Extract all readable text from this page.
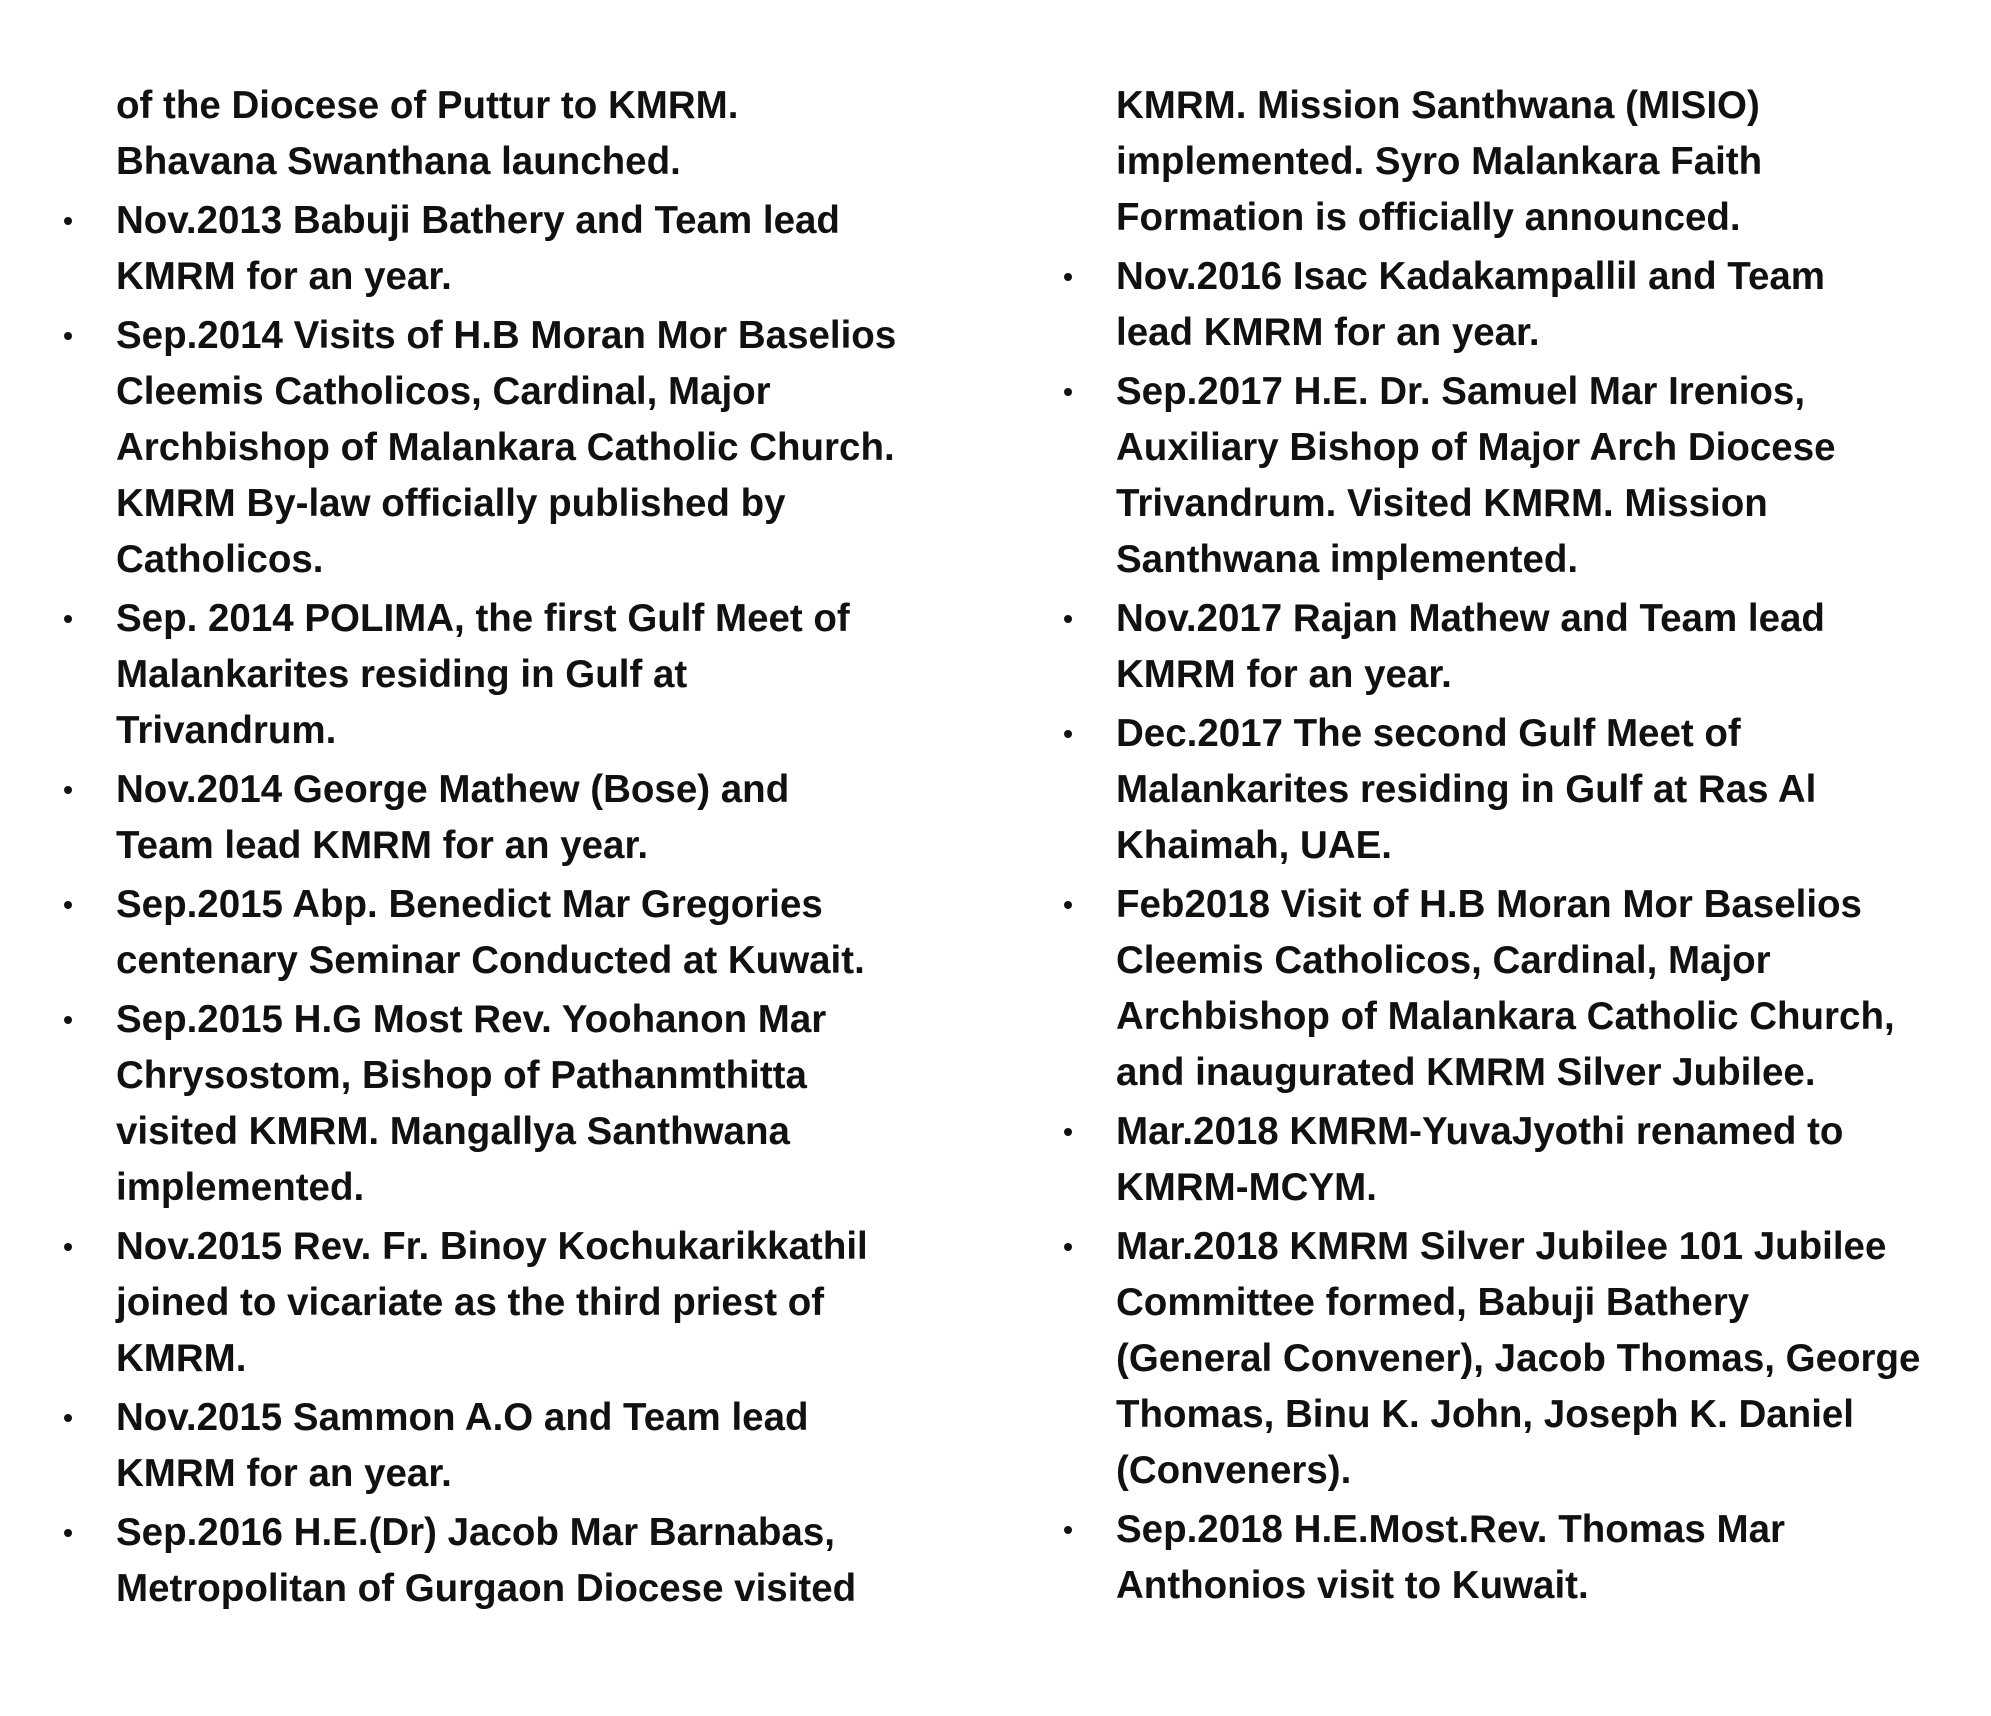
of the Diocese of Puttur to KMRM.
Bhavana Swanthana launched.
• Nov.2013 Babuji Bathery and Team lead
KMRM for an year.
• Sep.2014 Visits of H.B Moran Mor Baselios
Cleemis Catholicos, Cardinal, Major
Archbishop of Malankara Catholic Church.
KMRM By-law officially published by
Catholicos.
• Sep. 2014 POLIMA, the first Gulf Meet of
Malankarites residing in Gulf at
Trivandrum.
• Nov.2014 George Mathew (Bose) and
Team lead KMRM for an year.
• Sep.2015 Abp. Benedict Mar Gregories
centenary Seminar Conducted at Kuwait.
• Sep.2015 H.G Most Rev. Yoohanon Mar
Chrysostom, Bishop of Pathanmthitta
visited KMRM. Mangallya Santhwana
implemented.
• Nov.2015 Rev. Fr. Binoy Kochukarikkathil
joined to vicariate as the third priest of
KMRM.
• Nov.2015 Sammon A.O and Team lead
KMRM for an year.
• Sep.2016 H.E.(Dr) Jacob Mar Barnabas,
Metropolitan of Gurgaon Diocese visited
KMRM. Mission Santhwana (MISIO)
implemented. Syro Malankara Faith
Formation is officially announced.
• Nov.2016 Isac Kadakampallil and Team
lead KMRM for an year.
• Sep.2017 H.E. Dr. Samuel Mar Irenios,
Auxiliary Bishop of Major Arch Diocese
Trivandrum. Visited KMRM. Mission
Santhwana implemented.
• Nov.2017 Rajan Mathew and Team lead
KMRM for an year.
• Dec.2017 The second Gulf Meet of
Malankarites residing in Gulf at Ras Al
Khaimah, UAE.
• Feb2018 Visit of H.B Moran Mor Baselios
Cleemis Catholicos, Cardinal, Major
Archbishop of Malankara Catholic Church,
and inaugurated KMRM Silver Jubilee.
• Mar.2018 KMRM-YuvaJyothi renamed to
KMRM-MCYM.
• Mar.2018 KMRM Silver Jubilee 101 Jubilee
Committee formed, Babuji Bathery
(General Convener), Jacob Thomas, George
Thomas, Binu K. John, Joseph K. Daniel
(Conveners).
• Sep.2018 H.E.Most.Rev. Thomas Mar
Anthonios visit to Kuwait.
